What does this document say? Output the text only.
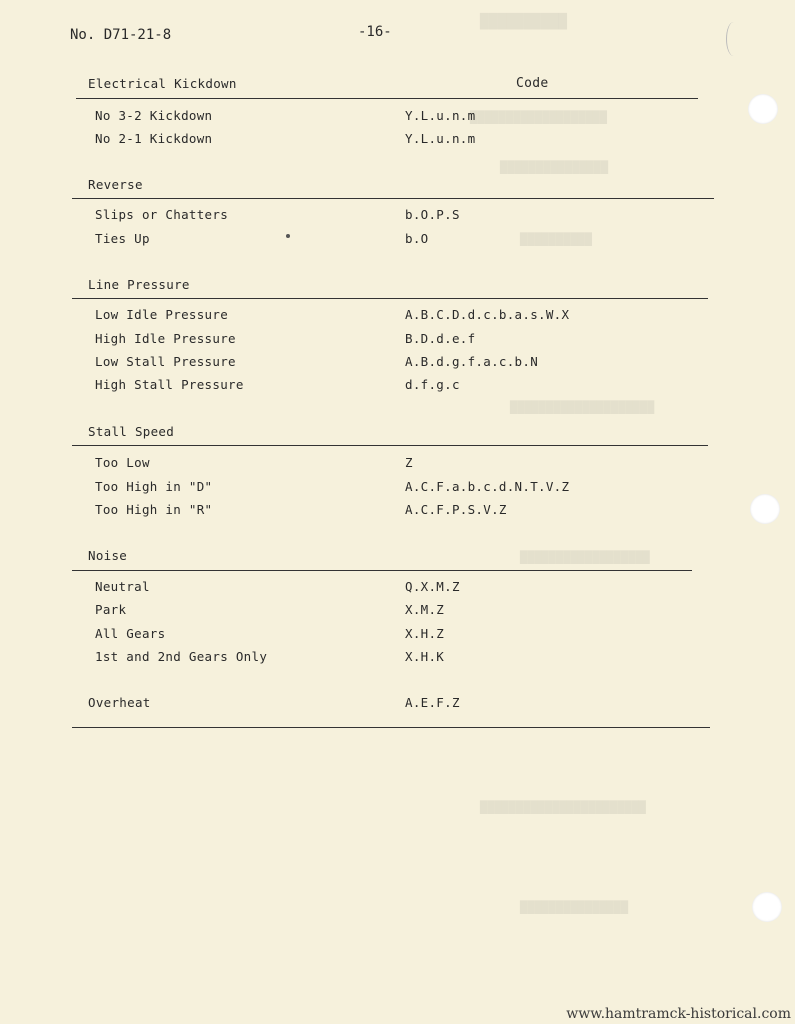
██████████
███████████████████
███████████████
██████████
████████████████████
██████████████████
███████████████████████
███████████████
No. D71-21-8	-16-
Electrical Kickdown	Code
No 3-2 Kickdown	Y.L.u.n.m
No 2-1 Kickdown	Y.L.u.n.m
Reverse
Slips or Chatters	b.O.P.S
Ties Up	b.O
Line Pressure
Low Idle Pressure	A.B.C.D.d.c.b.a.s.W.X
High Idle Pressure	B.D.d.e.f
Low Stall Pressure	A.B.d.g.f.a.c.b.N
High Stall Pressure	d.f.g.c
Stall Speed
Too Low	Z
Too High in "D"	A.C.F.a.b.c.d.N.T.V.Z
Too High in "R"	A.C.F.P.S.V.Z
Noise
Neutral	Q.X.M.Z
Park	X.M.Z
All Gears	X.H.Z
1st and 2nd Gears Only	X.H.K
Overheat	A.E.F.Z
www.hamtramck-historical.com
